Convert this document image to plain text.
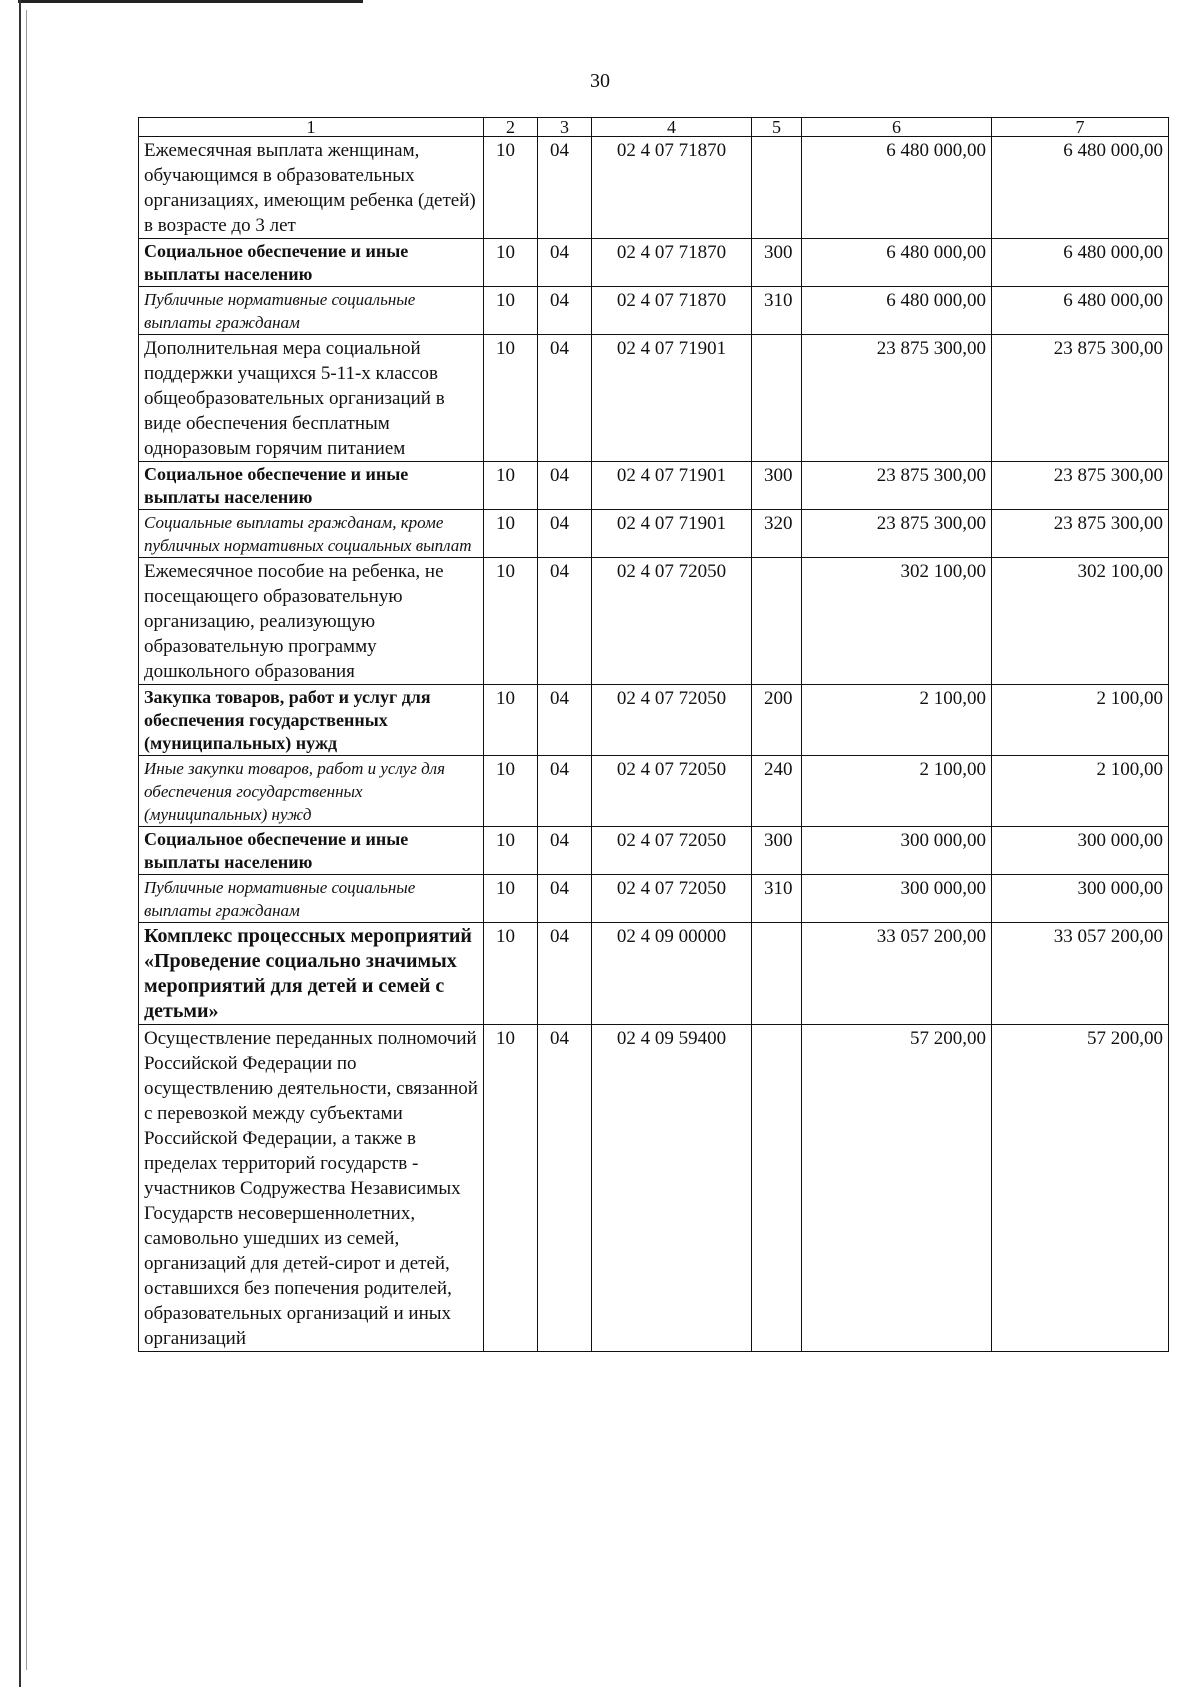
30
1	2	3	4	5	6	7
Ежемесячная выплата женщинам, обучающимся в образовательных организациях, имеющим ребенка (детей) в возрасте до 3 лет	10	04	02 4 07 71870		6 480 000,00	6 480 000,00
Социальное обеспечение и иные выплаты населению	10	04	02 4 07 71870	300	6 480 000,00	6 480 000,00
Публичные нормативные социальные выплаты гражданам	10	04	02 4 07 71870	310	6 480 000,00	6 480 000,00
Дополнительная мера социальной поддержки учащихся 5-11-х классов общеобразовательных организаций в виде обеспечения бесплатным одноразовым горячим питанием	10	04	02 4 07 71901		23 875 300,00	23 875 300,00
Социальное обеспечение и иные выплаты населению	10	04	02 4 07 71901	300	23 875 300,00	23 875 300,00
Социальные выплаты гражданам, кроме публичных нормативных социальных выплат	10	04	02 4 07 71901	320	23 875 300,00	23 875 300,00
Ежемесячное пособие на ребенка, не посещающего образовательную организацию, реализующую образовательную программу дошкольного образования	10	04	02 4 07 72050		302 100,00	302 100,00
Закупка товаров, работ и услуг для обеспечения государственных (муниципальных) нужд	10	04	02 4 07 72050	200	2 100,00	2 100,00
Иные закупки товаров, работ и услуг для обеспечения государственных (муниципальных) нужд	10	04	02 4 07 72050	240	2 100,00	2 100,00
Социальное обеспечение и иные выплаты населению	10	04	02 4 07 72050	300	300 000,00	300 000,00
Публичные нормативные социальные выплаты гражданам	10	04	02 4 07 72050	310	300 000,00	300 000,00
Комплекс процессных мероприятий «Проведение социально значимых мероприятий для детей и семей с детьми»	10	04	02 4 09 00000		33 057 200,00	33 057 200,00
Осуществление переданных полномочий Российской Федерации по осуществлению деятельности, связанной с перевозкой между субъектами Российской Федерации, а также в пределах территорий государств - участников Содружества Независимых Государств несовершеннолетних, самовольно ушедших из семей, организаций для детей-сирот и детей, оставшихся без попечения родителей, образовательных организаций и иных организаций	10	04	02 4 09 59400		57 200,00	57 200,00
